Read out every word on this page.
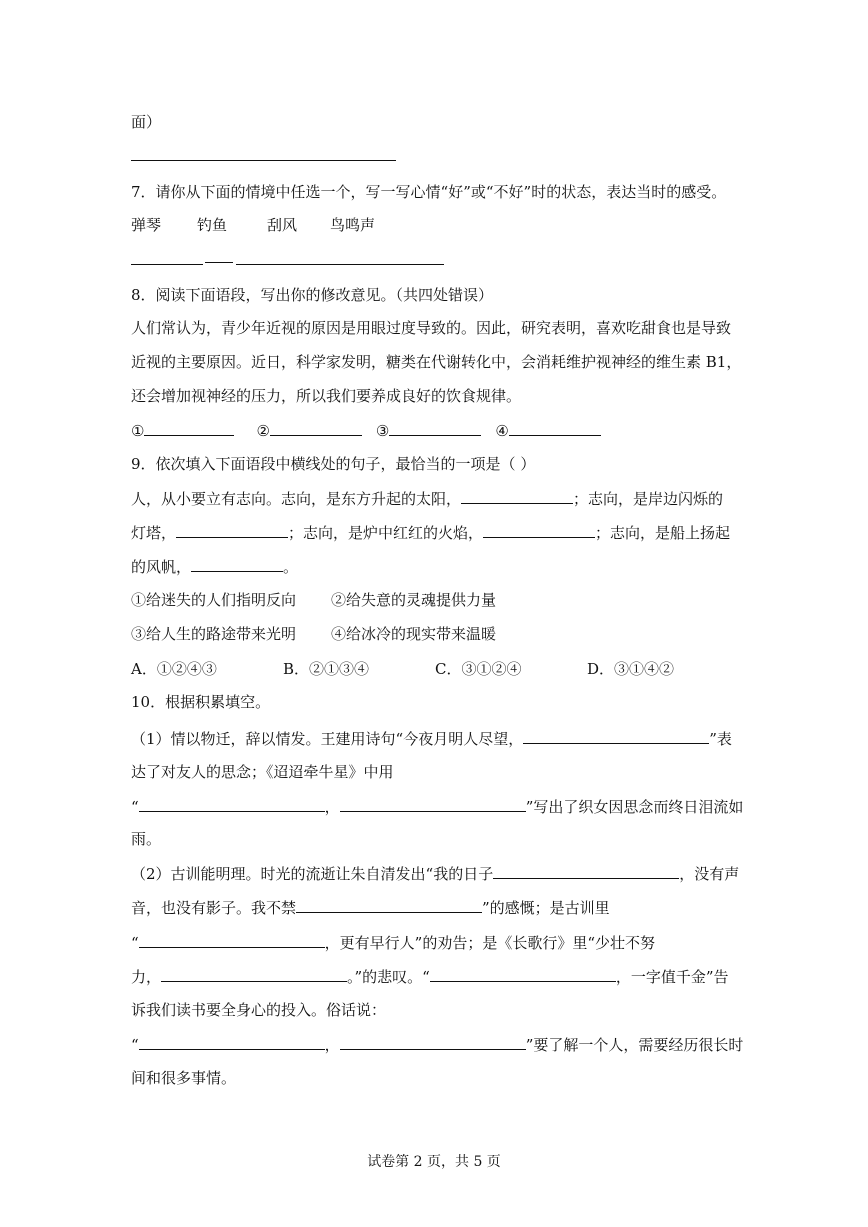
面）
7．请你从下面的情境中任选一个，写一写心情“好”或“不好”时的状态，表达当时的感受。
弹琴 钓鱼	刮风 鸟鸣声
8．阅读下面语段，写出你的修改意见。（共四处错误）
人们常认为，青少年近视的原因是用眼过度导致的。因此，研究表明，喜欢吃甜食也是导致
近视的主要原因。近日，科学家发明，糖类在代谢转化中，会消耗维护视神经的维生素 B1，
还会增加视神经的压力，所以我们要养成良好的饮食规律。
①	②	③	④
9．依次填入下面语段中横线处的句子，最恰当的一项是（ ）
人，从小要立有志向。志向，是东方升起的太阳，	；志向，是岸边闪烁的
灯塔，	；志向，是炉中红红的火焰，	；志向，是船上扬起
的风帆，	。
①给迷失的人们指明反向 ②给失意的灵魂提供力量
③给人生的路途带来光明 ④给冰冷的现实带来温暖
A．①②④③	B．②①③④	C．③①②④	D．③①④②
10．根据积累填空。
（1）情以物迁，辞以情发。王建用诗句“今夜月明人尽望，	”表
达了对友人的思念；《迢迢牵牛星》中用
“	，	”写出了织女因思念而终日泪流如
雨。
（2）古训能明理。时光的流逝让朱自清发出“我的日子	，没有声
音，也没有影子。我不禁	”的感慨；是古训里
“	，更有早行人”的劝告；是《长歌行》里“少壮不努
力，	。”的悲叹。“	，一字值千金”告
诉我们读书要全身心的投入。俗话说：
“	，	”要了解一个人，需要经历很长时
间和很多事情。
试卷第 2 页，共 5 页
